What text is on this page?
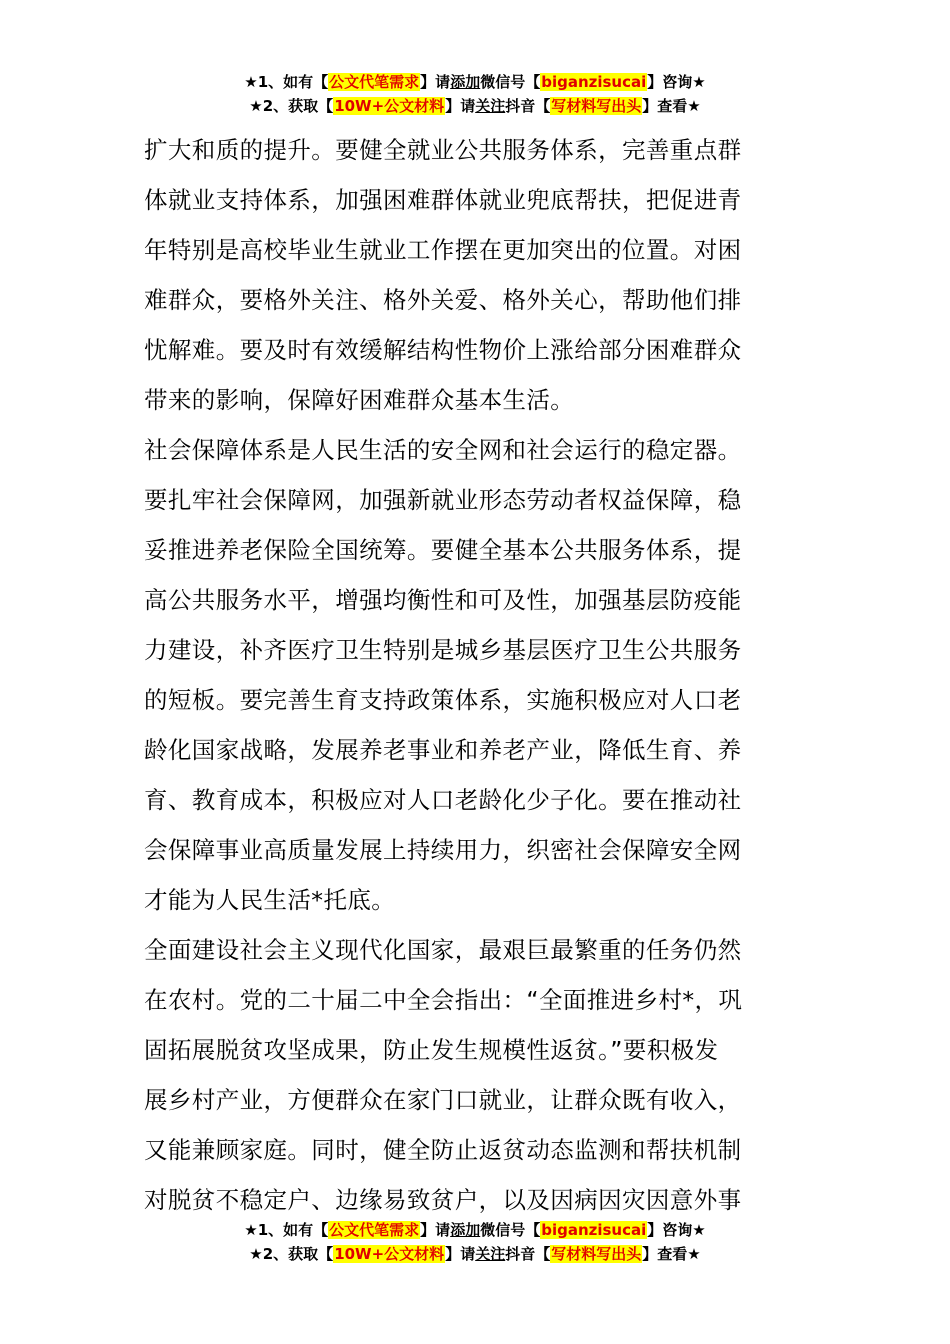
★1、如有【公文代笔需求】请添加微信号【biganzisucai】咨询★
★2、获取【10W+公文材料】请关注抖音【写材料写出头】查看★
扩大和质的提升。要健全就业公共服务体系，完善重点群
体就业支持体系，加强困难群体就业兜底帮扶，把促进青
年特别是高校毕业生就业工作摆在更加突出的位置。对困
难群众，要格外关注、格外关爱、格外关心，帮助他们排
忧解难。要及时有效缓解结构性物价上涨给部分困难群众
带来的影响，保障好困难群众基本生活。
社会保障体系是人民生活的安全网和社会运行的稳定器。
要扎牢社会保障网，加强新就业形态劳动者权益保障，稳
妥推进养老保险全国统筹。要健全基本公共服务体系，提
高公共服务水平，增强均衡性和可及性，加强基层防疫能
力建设，补齐医疗卫生特别是城乡基层医疗卫生公共服务
的短板。要完善生育支持政策体系，实施积极应对人口老
龄化国家战略，发展养老事业和养老产业，降低生育、养
育、教育成本，积极应对人口老龄化少子化。要在推动社
会保障事业高质量发展上持续用力，织密社会保障安全网
才能为人民生活*托底。
全面建设社会主义现代化国家，最艰巨最繁重的任务仍然
在农村。党的二十届二中全会指出：“全面推进乡村*，巩
固拓展脱贫攻坚成果，防止发生规模性返贫。”要积极发
展乡村产业，方便群众在家门口就业，让群众既有收入，
又能兼顾家庭。同时，健全防止返贫动态监测和帮扶机制
对脱贫不稳定户、边缘易致贫户，以及因病因灾因意外事
★1、如有【公文代笔需求】请添加微信号【biganzisucai】咨询★
★2、获取【10W+公文材料】请关注抖音【写材料写出头】查看★
